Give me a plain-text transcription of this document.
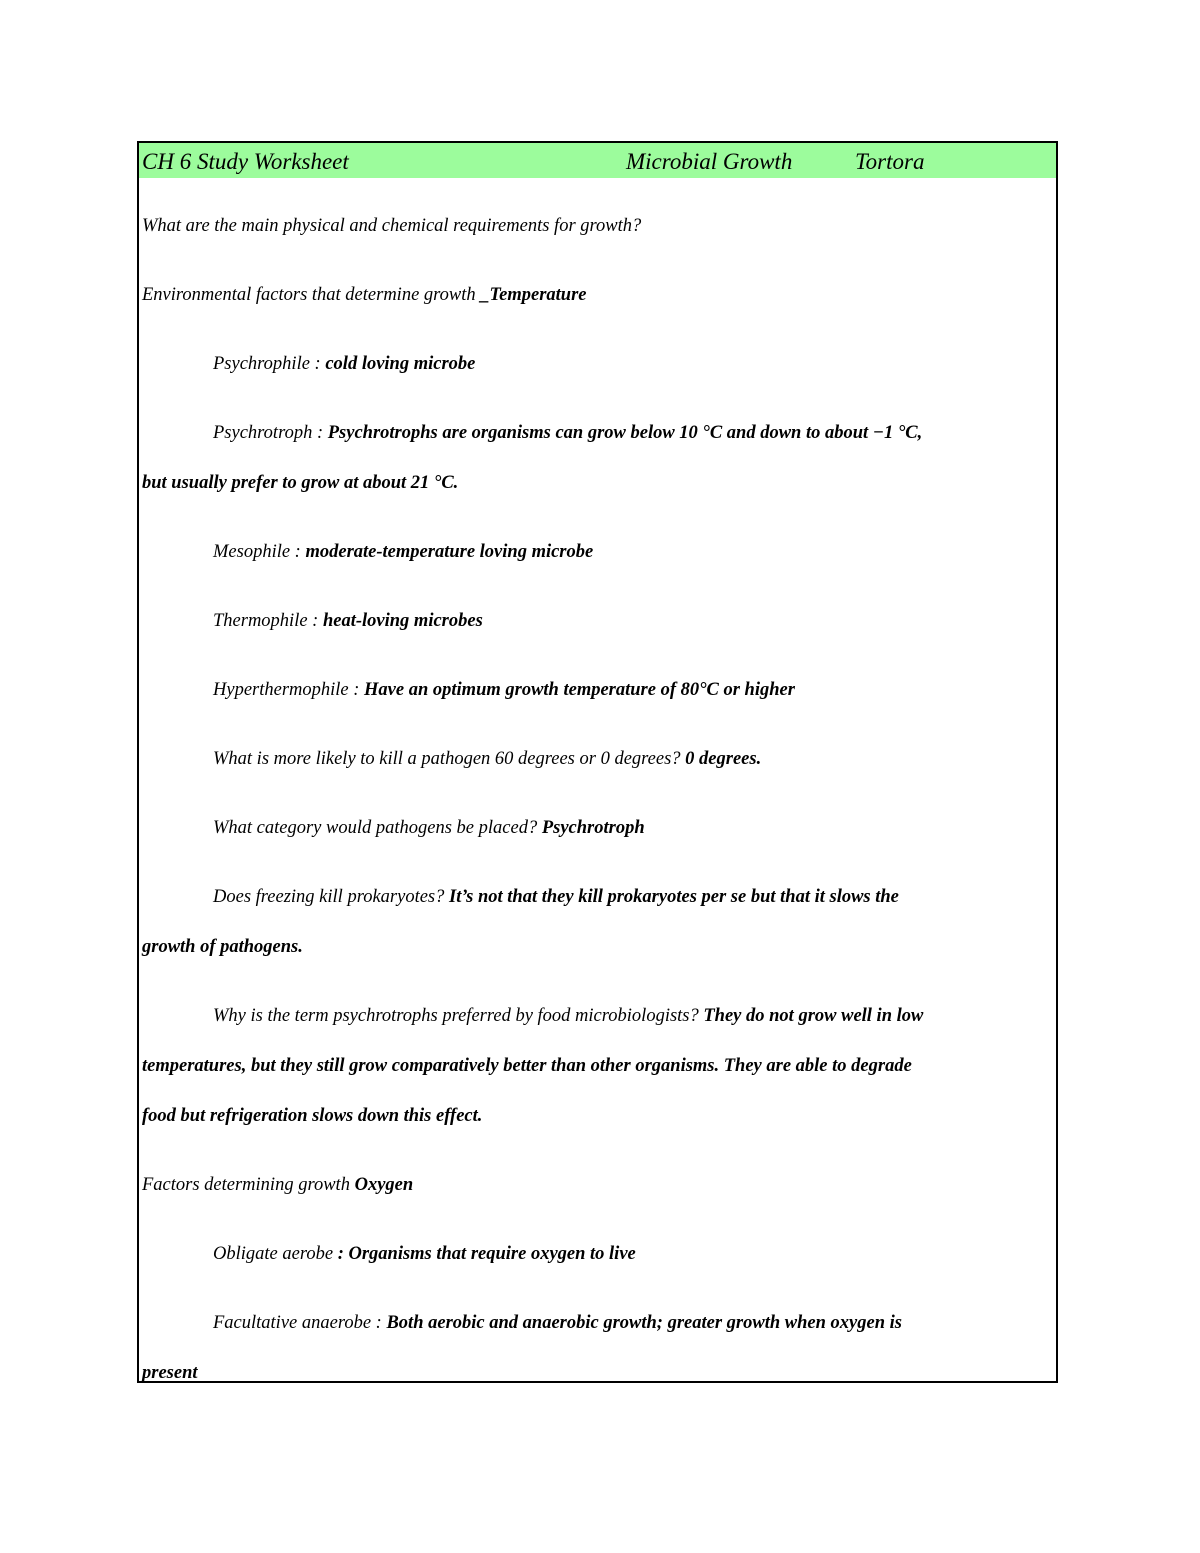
CH 6 Study Worksheet	Microbial Growth	Tortora
What are the main physical and chemical requirements for growth?
Environmental factors that determine growth _Temperature
Psychrophile : cold loving microbe
Psychrotroph : Psychrotrophs are organisms can grow below 10 °C and down to about −1 °C,
but usually prefer to grow at about 21 °C.
Mesophile : moderate-temperature loving microbe
Thermophile : heat-loving microbes
Hyperthermophile : Have an optimum growth temperature of 80°C or higher
What is more likely to kill a pathogen 60 degrees or 0 degrees? 0 degrees.
What category would pathogens be placed? Psychrotroph
Does freezing kill prokaryotes? It’s not that they kill prokaryotes per se but that it slows the
growth of pathogens.
Why is the term psychrotrophs preferred by food microbiologists? They do not grow well in low
temperatures, but they still grow comparatively better than other organisms. They are able to degrade
food but refrigeration slows down this effect.
Factors determining growth Oxygen
Obligate aerobe : Organisms that require oxygen to live
Facultative anaerobe : Both aerobic and anaerobic growth; greater growth when oxygen is
present
